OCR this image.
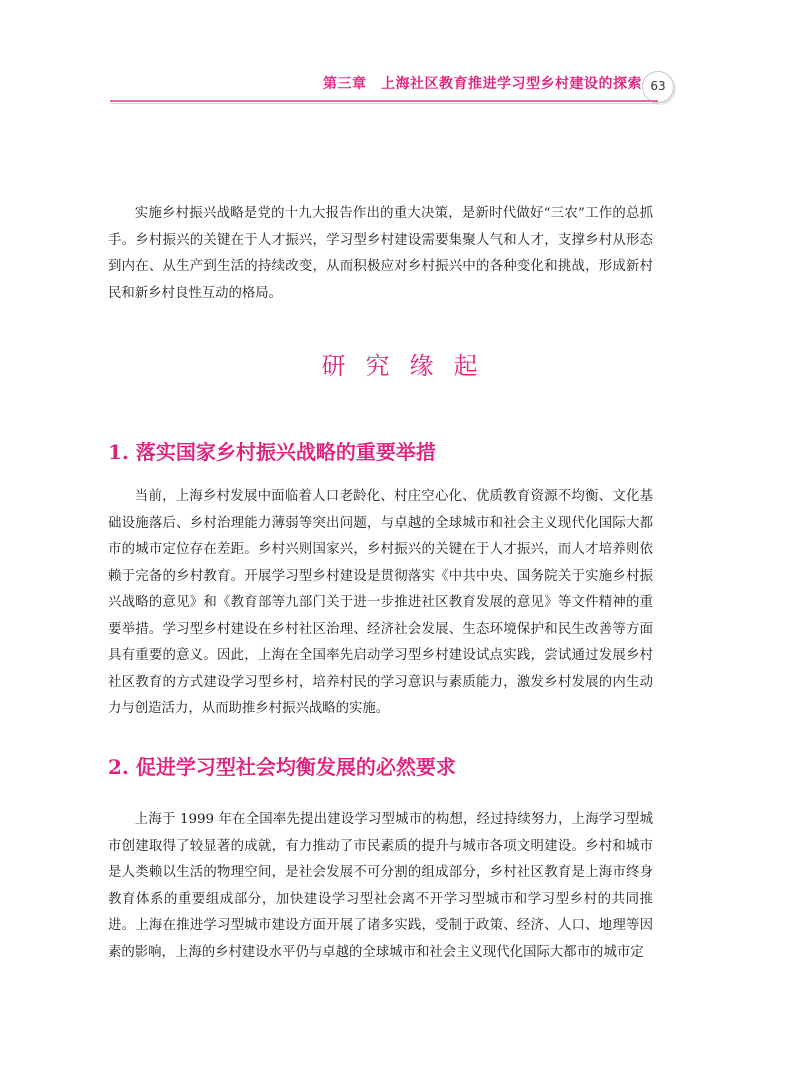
第三章　上海社区教育推进学习型乡村建设的探索 63

实施乡村振兴战略是党的十九大报告作出的重大决策，是新时代做好“三农”工作的总抓手。乡村振兴的关键在于人才振兴，学习型乡村建设需要集聚人气和人才，支撑乡村从形态到内在、从生产到生活的持续改变，从而积极应对乡村振兴中的各种变化和挑战，形成新村民和新乡村良性互动的格局。

研究缘起
1. 落实国家乡村振兴战略的重要举措

当前，上海乡村发展中面临着人口老龄化、村庄空心化、优质教育资源不均衡、文化基础设施落后、乡村治理能力薄弱等突出问题，与卓越的全球城市和社会主义现代化国际大都市的城市定位存在差距。乡村兴则国家兴，乡村振兴的关键在于人才振兴，而人才培养则依赖于完备的乡村教育。开展学习型乡村建设是贯彻落实《中共中央、国务院关于实施乡村振兴战略的意见》和《教育部等九部门关于进一步推进社区教育发展的意见》等文件精神的重要举措。学习型乡村建设在乡村社区治理、经济社会发展、生态环境保护和民生改善等方面具有重要的意义。因此，上海在全国率先启动学习型乡村建设试点实践，尝试通过发展乡村社区教育的方式建设学习型乡村，培养村民的学习意识与素质能力，激发乡村发展的内生动力与创造活力，从而助推乡村振兴战略的实施。

2. 促进学习型社会均衡发展的必然要求

上海于 1999 年在全国率先提出建设学习型城市的构想，经过持续努力，上海学习型城市创建取得了较显著的成就，有力推动了市民素质的提升与城市各项文明建设。乡村和城市是人类赖以生活的物理空间，是社会发展不可分割的组成部分，乡村社区教育是上海市终身教育体系的重要组成部分，加快建设学习型社会离不开学习型城市和学习型乡村的共同推进。上海在推进学习型城市建设方面开展了诸多实践，受制于政策、经济、人口、地理等因素的影响，上海的乡村建设水平仍与卓越的全球城市和社会主义现代化国际大都市的城市定
